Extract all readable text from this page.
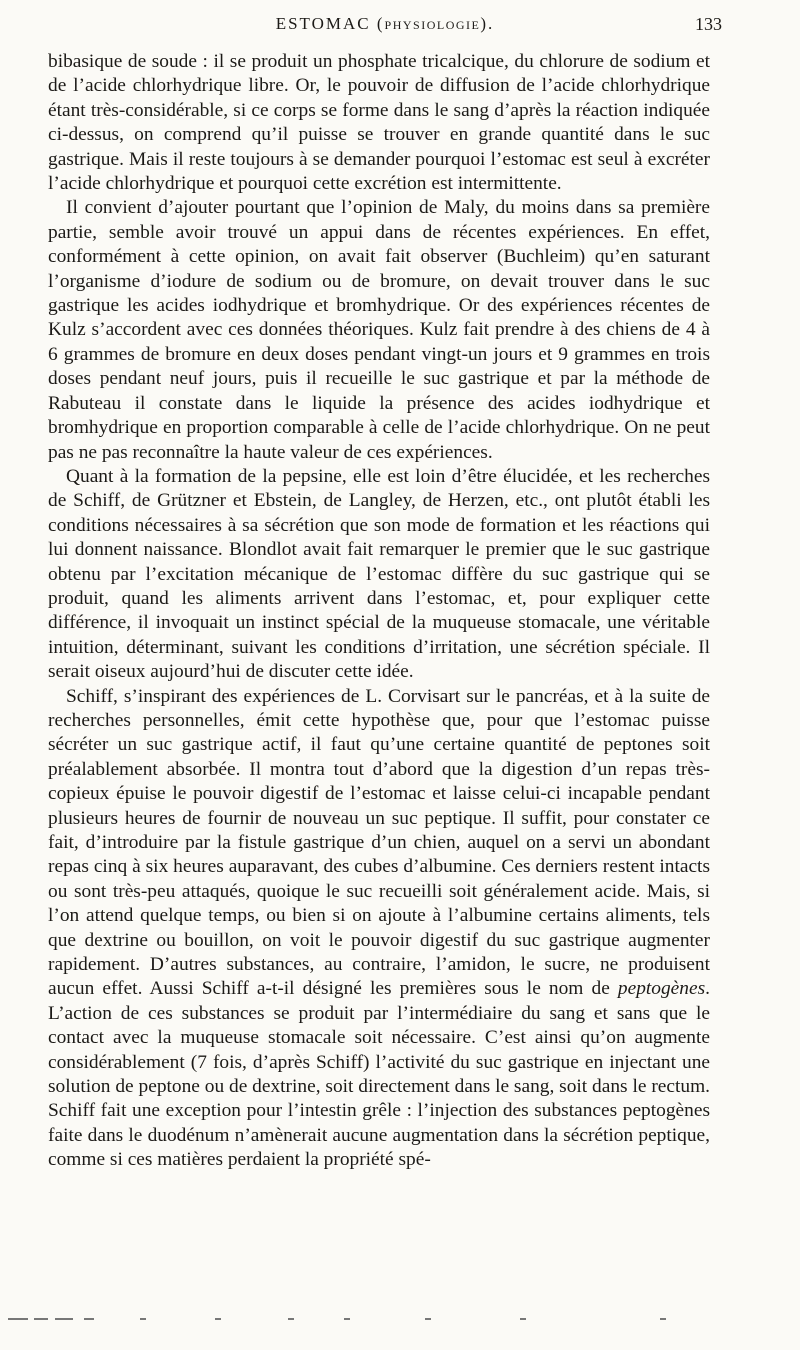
ESTOMAC (PHYSIOLOGIE).	133

bibasique de soude : il se produit un phosphate tricalcique, du chlorure de sodium et de l’acide chlorhydrique libre. Or, le pouvoir de diffusion de l’acide chlorhydrique étant très-considérable, si ce corps se forme dans le sang d’après la réaction indiquée ci-dessus, on comprend qu’il puisse se trouver en grande quantité dans le suc gastrique. Mais il reste toujours à se demander pourquoi l’estomac est seul à excréter l’acide chlorhydrique et pourquoi cette excrétion est intermittente.

Il convient d’ajouter pourtant que l’opinion de Maly, du moins dans sa première partie, semble avoir trouvé un appui dans de récentes expériences. En effet, conformément à cette opinion, on avait fait observer (Buchleim) qu’en saturant l’organisme d’iodure de sodium ou de bromure, on devait trouver dans le suc gastrique les acides iodhydrique et bromhydrique. Or des expériences récentes de Kulz s’accordent avec ces données théoriques. Kulz fait prendre à des chiens de 4 à 6 grammes de bromure en deux doses pendant vingt-un jours et 9 grammes en trois doses pendant neuf jours, puis il recueille le suc gastrique et par la méthode de Rabuteau il constate dans le liquide la présence des acides iodhydrique et bromhydrique en proportion comparable à celle de l’acide chlorhydrique. On ne peut pas ne pas reconnaître la haute valeur de ces expériences.

Quant à la formation de la pepsine, elle est loin d’être élucidée, et les recherches de Schiff, de Grützner et Ebstein, de Langley, de Herzen, etc., ont plutôt établi les conditions nécessaires à sa sécrétion que son mode de formation et les réactions qui lui donnent naissance. Blondlot avait fait remarquer le premier que le suc gastrique obtenu par l’excitation mécanique de l’estomac diffère du suc gastrique qui se produit, quand les aliments arrivent dans l’estomac, et, pour expliquer cette différence, il invoquait un instinct spécial de la muqueuse stomacale, une véritable intuition, déterminant, suivant les conditions d’irritation, une sécrétion spéciale. Il serait oiseux aujourd’hui de discuter cette idée.

Schiff, s’inspirant des expériences de L. Corvisart sur le pancréas, et à la suite de recherches personnelles, émit cette hypothèse que, pour que l’estomac puisse sécréter un suc gastrique actif, il faut qu’une certaine quantité de peptones soit préalablement absorbée. Il montra tout d’abord que la digestion d’un repas très-copieux épuise le pouvoir digestif de l’estomac et laisse celui-ci incapable pendant plusieurs heures de fournir de nouveau un suc peptique. Il suffit, pour constater ce fait, d’introduire par la fistule gastrique d’un chien, auquel on a servi un abondant repas cinq à six heures auparavant, des cubes d’albumine. Ces derniers restent intacts ou sont très-peu attaqués, quoique le suc recueilli soit généralement acide. Mais, si l’on attend quelque temps, ou bien si on ajoute à l’albumine certains aliments, tels que dextrine ou bouillon, on voit le pouvoir digestif du suc gastrique augmenter rapidement. D’autres substances, au contraire, l’amidon, le sucre, ne produisent aucun effet. Aussi Schiff a-t-il désigné les premières sous le nom de peptogènes. L’action de ces substances se produit par l’intermédiaire du sang et sans que le contact avec la muqueuse stomacale soit nécessaire. C’est ainsi qu’on augmente considérablement (7 fois, d’après Schiff) l’activité du suc gastrique en injectant une solution de peptone ou de dextrine, soit directement dans le sang, soit dans le rectum. Schiff fait une exception pour l’intestin grêle : l’injection des substances peptogènes faite dans le duodénum n’amènerait aucune augmentation dans la sécrétion peptique, comme si ces matières perdaient la propriété spé-
